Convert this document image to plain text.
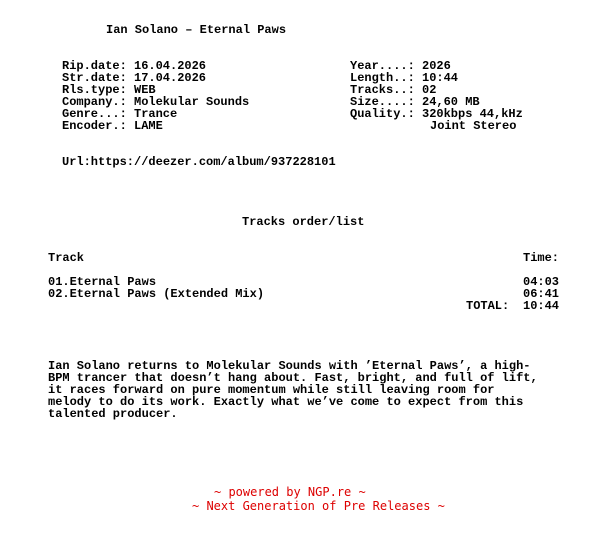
Ian Solano – Eternal Paws
Rip.date: 16.04.2026	Year....: 2026
Str.date: 17.04.2026	Length..: 10:44
Rls.type: WEB	Tracks..: 02
Company.: Molekular Sounds	Size....: 24,60 MB
Genre...: Trance	Quality.: 320kbps 44,kHz
Encoder.: LAME	Joint Stereo
Url:https://deezer.com/album/937228101
Tracks order/list
Track	Time:
01.Eternal Paws	04:03
02.Eternal Paws (Extended Mix)	06:41
TOTAL: 10:44
Ian Solano returns to Molekular Sounds with ’Eternal Paws’, a high-
BPM trancer that doesn’t hang about. Fast, bright, and full of lift,
it races forward on pure momentum while still leaving room for
melody to do its work. Exactly what we’ve come to expect from this
talented producer.
~ powered by NGP.re ~
~ Next Generation of Pre Releases ~
